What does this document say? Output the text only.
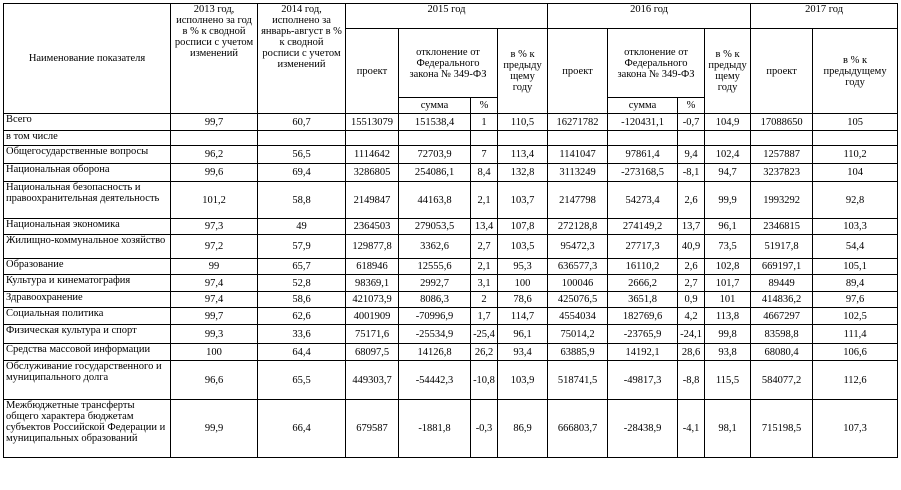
Наименование показателя	2013 год, исполнено за год в % к сводной росписи с учетом изменений	2014 год, исполнено за январь-август в % к сводной росписи с учетом изменений	2015 год				2016 год				2017 год	
			проект	отклонение от Федерального закона № 349-ФЗ		в % к предыду щему году	проект	отклонение от Федерального закона № 349-ФЗ		в % к предыду щему году	проект	в % к предыдущему году
				сумма	%			сумма	%			
Всего	99,7	60,7	15513079	151538,4	1	110,5	16271782	-120431,1	-0,7	104,9	17088650	105
в том числе												
Общегосударственные вопросы	96,2	56,5	1114642	72703,9	7	113,4	1141047	97861,4	9,4	102,4	1257887	110,2
Национальная оборона	99,6	69,4	3286805	254086,1	8,4	132,8	3113249	-273168,5	-8,1	94,7	3237823	104
Национальная безопасность и правоохранительная деятельность	101,2	58,8	2149847	44163,8	2,1	103,7	2147798	54273,4	2,6	99,9	1993292	92,8
Национальная экономика	97,3	49	2364503	279053,5	13,4	107,8	272128,8	274149,2	13,7	96,1	2346815	103,3
Жилищно-коммунальное хозяйство	97,2	57,9	129877,8	3362,6	2,7	103,5	95472,3	27717,3	40,9	73,5	51917,8	54,4
Образование	99	65,7	618946	12555,6	2,1	95,3	636577,3	16110,2	2,6	102,8	669197,1	105,1
Культура и кинематография	97,4	52,8	98369,1	2992,7	3,1	100	100046	2666,2	2,7	101,7	89449	89,4
Здравоохранение	97,4	58,6	421073,9	8086,3	2	78,6	425076,5	3651,8	0,9	101	414836,2	97,6
Социальная политика	99,7	62,6	4001909	-70996,9	1,7	114,7	4554034	182769,6	4,2	113,8	4667297	102,5
Физическая культура и спорт	99,3	33,6	75171,6	-25534,9	-25,4	96,1	75014,2	-23765,9	-24,1	99,8	83598,8	111,4
Средства массовой информации	100	64,4	68097,5	14126,8	26,2	93,4	63885,9	14192,1	28,6	93,8	68080,4	106,6
Обслуживание государственного и муниципального долга	96,6	65,5	449303,7	-54442,3	-10,8	103,9	518741,5	-49817,3	-8,8	115,5	584077,2	112,6
Межбюджетные трансферты общего характера бюджетам субъектов Российской Федерации и муниципальных образований	99,9	66,4	679587	-1881,8	-0,3	86,9	666803,7	-28438,9	-4,1	98,1	715198,5	107,3
